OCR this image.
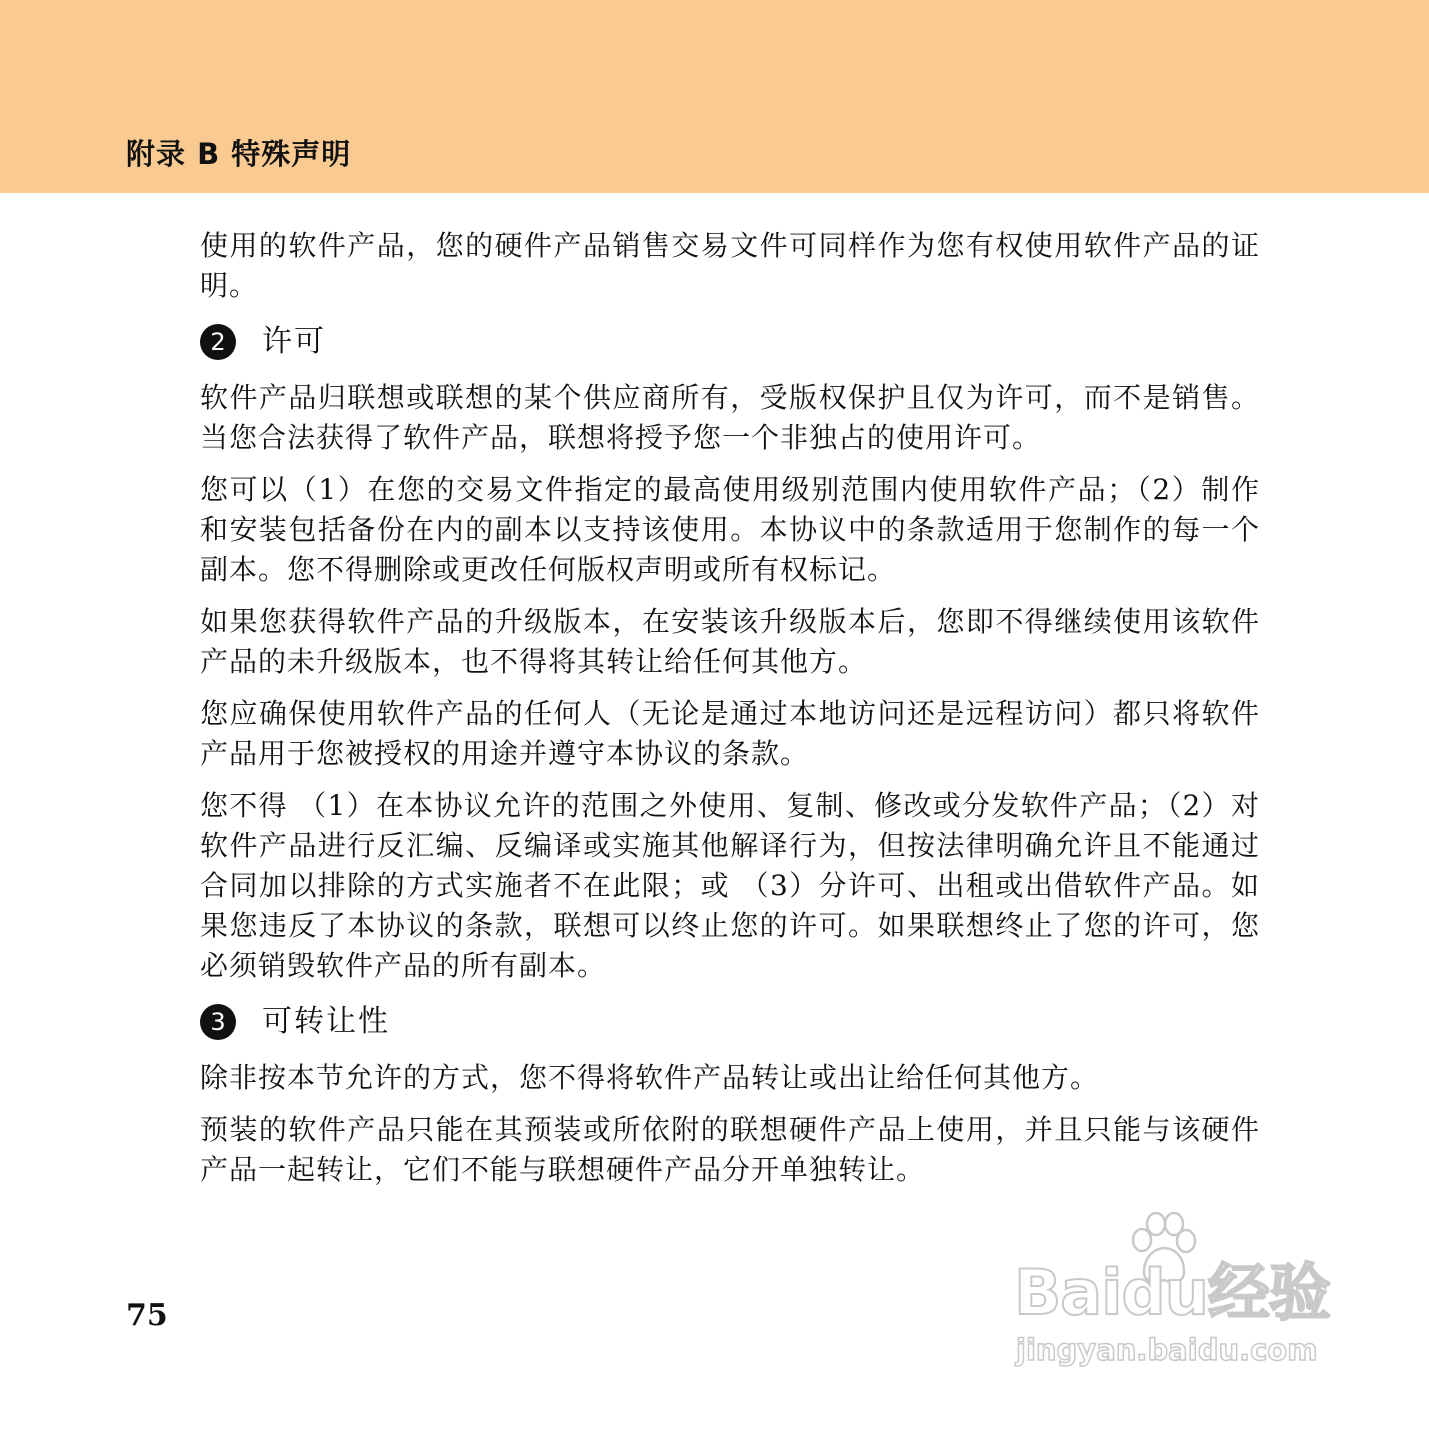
附录 B 特殊声明

使用的软件产品，您的硬件产品销售交易文件可同样作为您有权使用软件产品的证明。

2	许可

软件产品归联想或联想的某个供应商所有，受版权保护且仅为许可，而不是销售。当您合法获得了软件产品，联想将授予您一个非独占的使用许可。

您可以（1）在您的交易文件指定的最高使用级别范围内使用软件产品；（2）制作和安装包括备份在内的副本以支持该使用。本协议中的条款适用于您制作的每一个副本。您不得删除或更改任何版权声明或所有权标记。

如果您获得软件产品的升级版本，在安装该升级版本后，您即不得继续使用该软件产品的未升级版本，也不得将其转让给任何其他方。

您应确保使用软件产品的任何人（无论是通过本地访问还是远程访问）都只将软件产品用于您被授权的用途并遵守本协议的条款。

您不得 （1）在本协议允许的范围之外使用、复制、修改或分发软件产品；（2）对软件产品进行反汇编、反编译或实施其他解译行为，但按法律明确允许且不能通过合同加以排除的方式实施者不在此限；或 （3）分许可、出租或出借软件产品。如果您违反了本协议的条款，联想可以终止您的许可。如果联想终止了您的许可，您必须销毁软件产品的所有副本。

3	可转让性

除非按本节允许的方式，您不得将软件产品转让或出让给任何其他方。

预装的软件产品只能在其预装或所依附的联想硬件产品上使用，并且只能与该硬件产品一起转让，它们不能与联想硬件产品分开单独转让。

75	Baidu经验
jingyan.baidu.com
